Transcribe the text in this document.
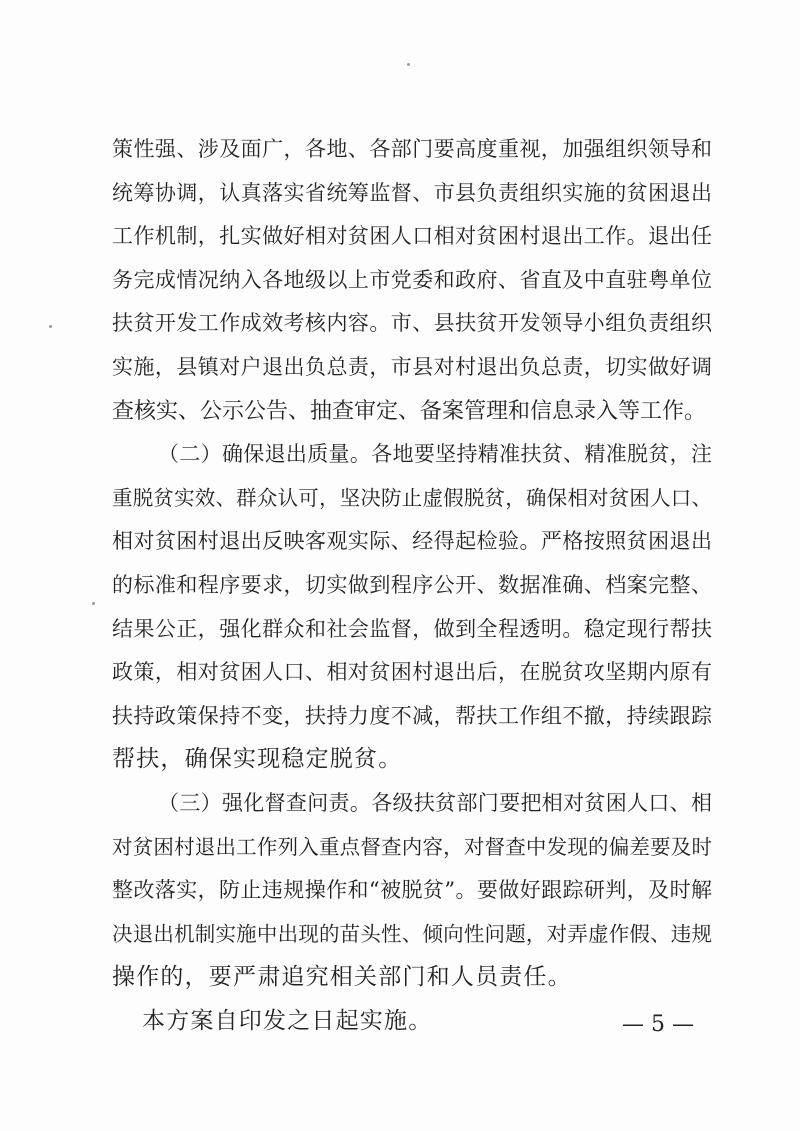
策性强、涉及面广，各地、各部门要高度重视，加强组织领导和
统筹协调，认真落实省统筹监督、市县负责组织实施的贫困退出
工作机制，扎实做好相对贫困人口相对贫困村退出工作。退出任
务完成情况纳入各地级以上市党委和政府、省直及中直驻粤单位
扶贫开发工作成效考核内容。市、县扶贫开发领导小组负责组织
实施，县镇对户退出负总责，市县对村退出负总责，切实做好调
查核实、公示公告、抽查审定、备案管理和信息录入等工作。
（二）确保退出质量。各地要坚持精准扶贫、精准脱贫，注
重脱贫实效、群众认可，坚决防止虚假脱贫，确保相对贫困人口、
相对贫困村退出反映客观实际、经得起检验。严格按照贫困退出
的标准和程序要求，切实做到程序公开、数据准确、档案完整、
结果公正，强化群众和社会监督，做到全程透明。稳定现行帮扶
政策，相对贫困人口、相对贫困村退出后，在脱贫攻坚期内原有
扶持政策保持不变，扶持力度不减，帮扶工作组不撤，持续跟踪
帮扶，确保实现稳定脱贫。
（三）强化督查问责。各级扶贫部门要把相对贫困人口、相
对贫困村退出工作列入重点督查内容，对督查中发现的偏差要及时
整改落实，防止违规操作和“被脱贫”。要做好跟踪研判，及时解
决退出机制实施中出现的苗头性、倾向性问题，对弄虚作假、违规
操作的，要严肃追究相关部门和人员责任。
本方案自印发之日起实施。	— 5 —
